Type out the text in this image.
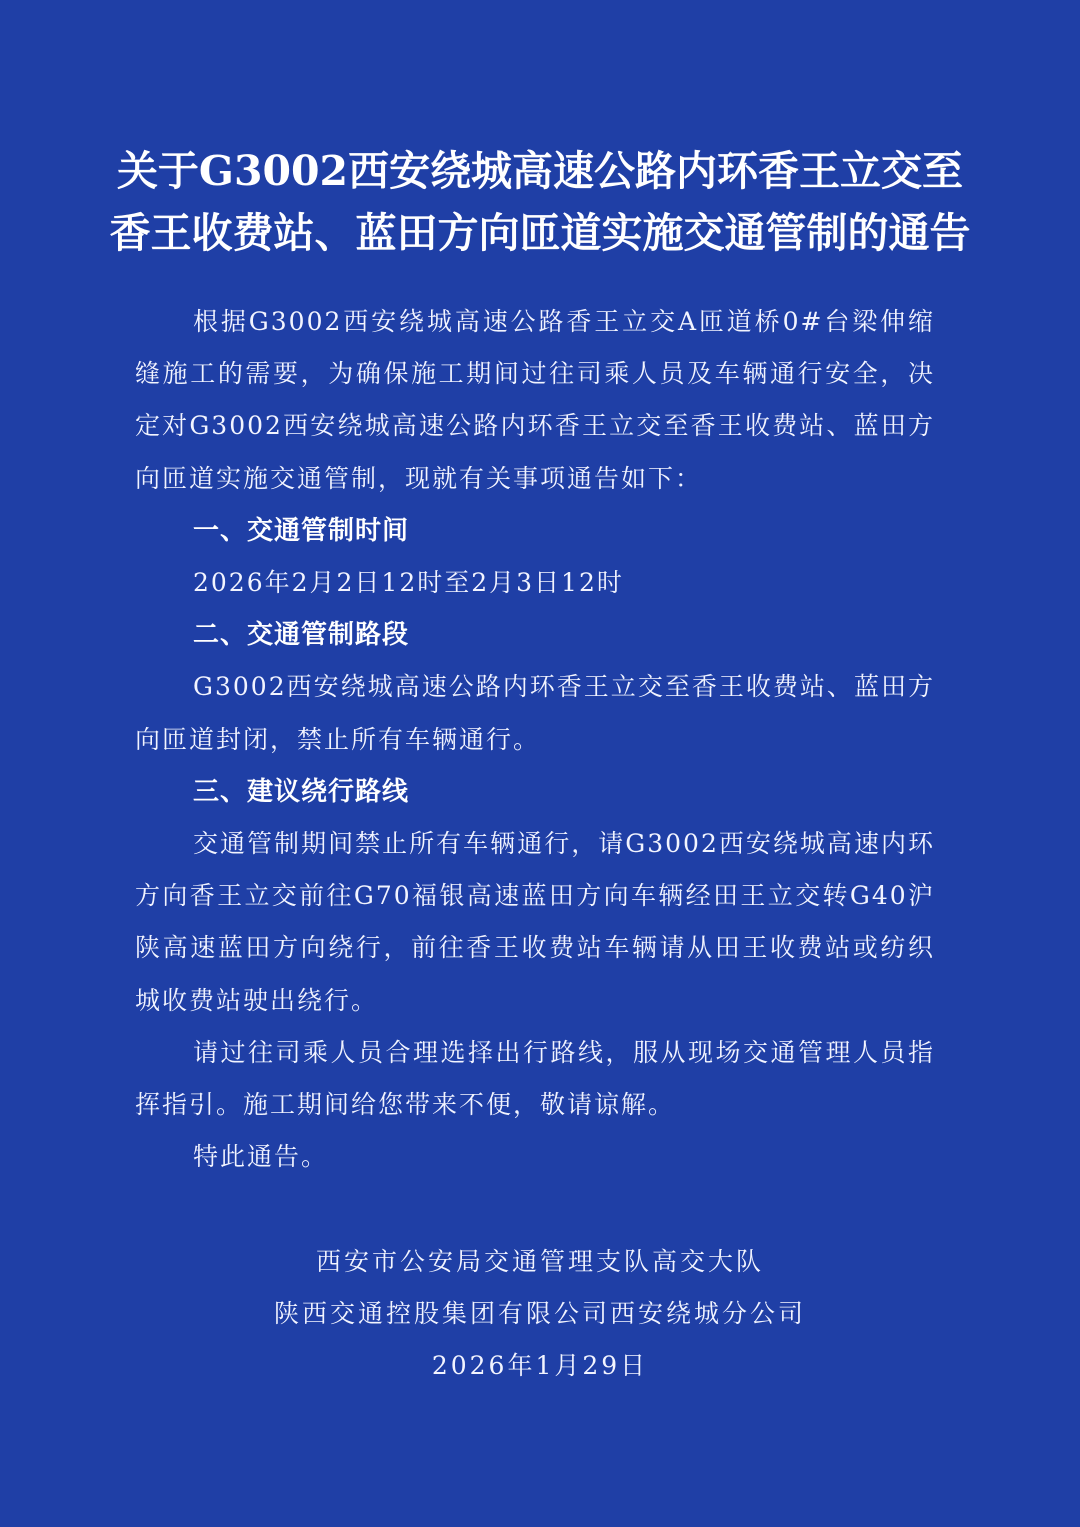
关于G3002西安绕城高速公路内环香王立交至
香王收费站、蓝田方向匝道实施交通管制的通告

根据G3002西安绕城高速公路香王立交A匝道桥0#台梁伸缩缝施工的需要，为确保施工期间过往司乘人员及车辆通行安全，决定对G3002西安绕城高速公路内环香王立交至香王收费站、蓝田方向匝道实施交通管制，现就有关事项通告如下：

一、交通管制时间

2026年2月2日12时至2月3日12时

二、交通管制路段

G3002西安绕城高速公路内环香王立交至香王收费站、蓝田方向匝道封闭，禁止所有车辆通行。

三、建议绕行路线

交通管制期间禁止所有车辆通行，请G3002西安绕城高速内环方向香王立交前往G70福银高速蓝田方向车辆经田王立交转G40沪陕高速蓝田方向绕行，前往香王收费站车辆请从田王收费站或纺织城收费站驶出绕行。

请过往司乘人员合理选择出行路线，服从现场交通管理人员指挥指引。施工期间给您带来不便，敬请谅解。

特此通告。

西安市公安局交通管理支队高交大队
陕西交通控股集团有限公司西安绕城分公司
2026年1月29日
